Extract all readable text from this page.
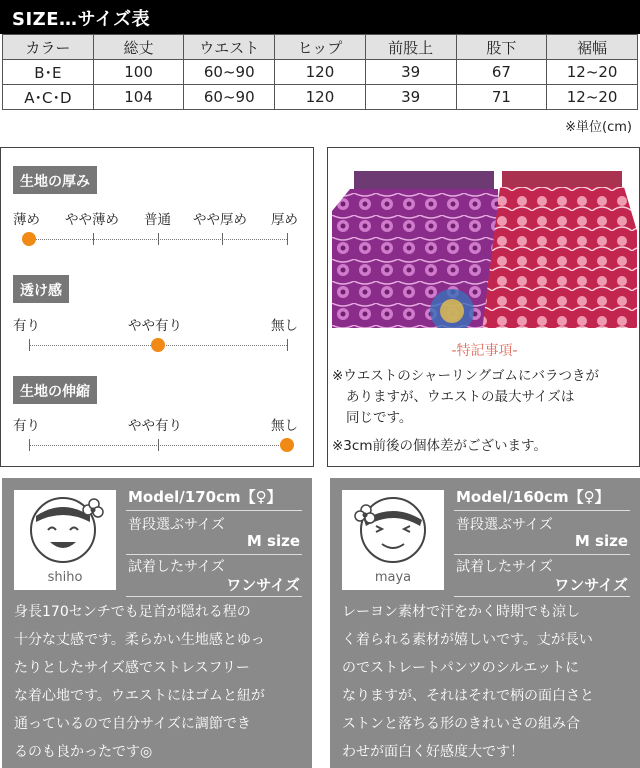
SIZE…サイズ表
カラー	総丈	ウエスト	ヒップ	前股上	股下	裾幅
B･E	100	60~90	120	39	67	12~20
A･C･D	104	60~90	120	39	71	12~20
※単位(cm)
生地の厚み
薄め やや薄め 普通 やや厚め 厚め
透け感
有り	やや有り	無し
生地の伸縮
有り	やや有り	無し
-特記事項-
※ウエストのシャーリングゴムにバラつきが
ありますが、ウエストの最大サイズは
同じです。
※3cm前後の個体差がございます。
shiho
Model/170cm【♀】
普段選ぶサイズ
M size
試着したサイズ
ワンサイズ
身長170センチでも足首が隠れる程の
十分な丈感です。柔らかい生地感とゆっ
たりとしたサイズ感でストレスフリー
な着心地です。ウエストにはゴムと紐が
通っているので自分サイズに調節でき
るのも良かったです◎
maya
Model/160cm【♀】
普段選ぶサイズ
M size
試着したサイズ
ワンサイズ
レーヨン素材で汗をかく時期でも涼し
く着られる素材が嬉しいです。丈が長い
のでストレートパンツのシルエットに
なりますが、それはそれで柄の面白さと
ストンと落ちる形のきれいさの組み合
わせが面白く好感度大です！
